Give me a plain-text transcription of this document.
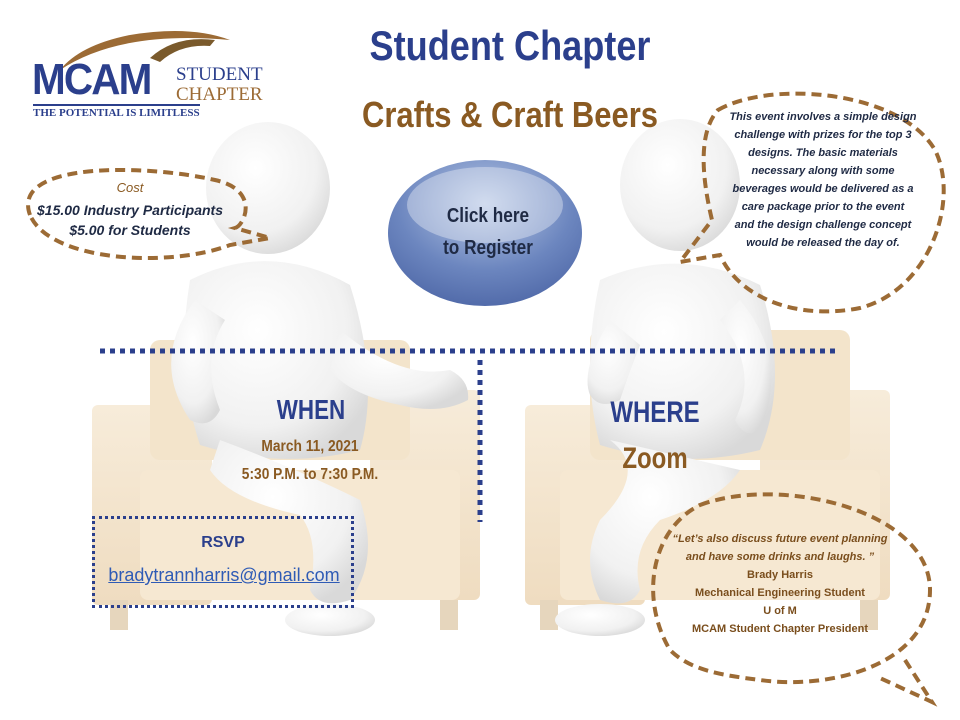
MCAM STUDENT
CHAPTER
THE POTENTIAL IS LIMITLESS
Student Chapter
Crafts & Craft Beers
Cost
$15.00 Industry Participants
$5.00 for Students
Click here
to Register
This event involves a simple design
challenge with prizes for the top 3
designs. The basic materials
necessary along with some
beverages would be delivered as a
care package prior to the event
and the design challenge concept
would be released the day of.
WHEN
March 11, 2021
5:30 P.M. to 7:30 P.M.
WHERE
Zoom
RSVP
bradytrannharris@gmail.com
“Let’s also discuss future event planning
and have some drinks and laughs. ”
Brady Harris
Mechanical Engineering Student
U of M
MCAM Student Chapter President
